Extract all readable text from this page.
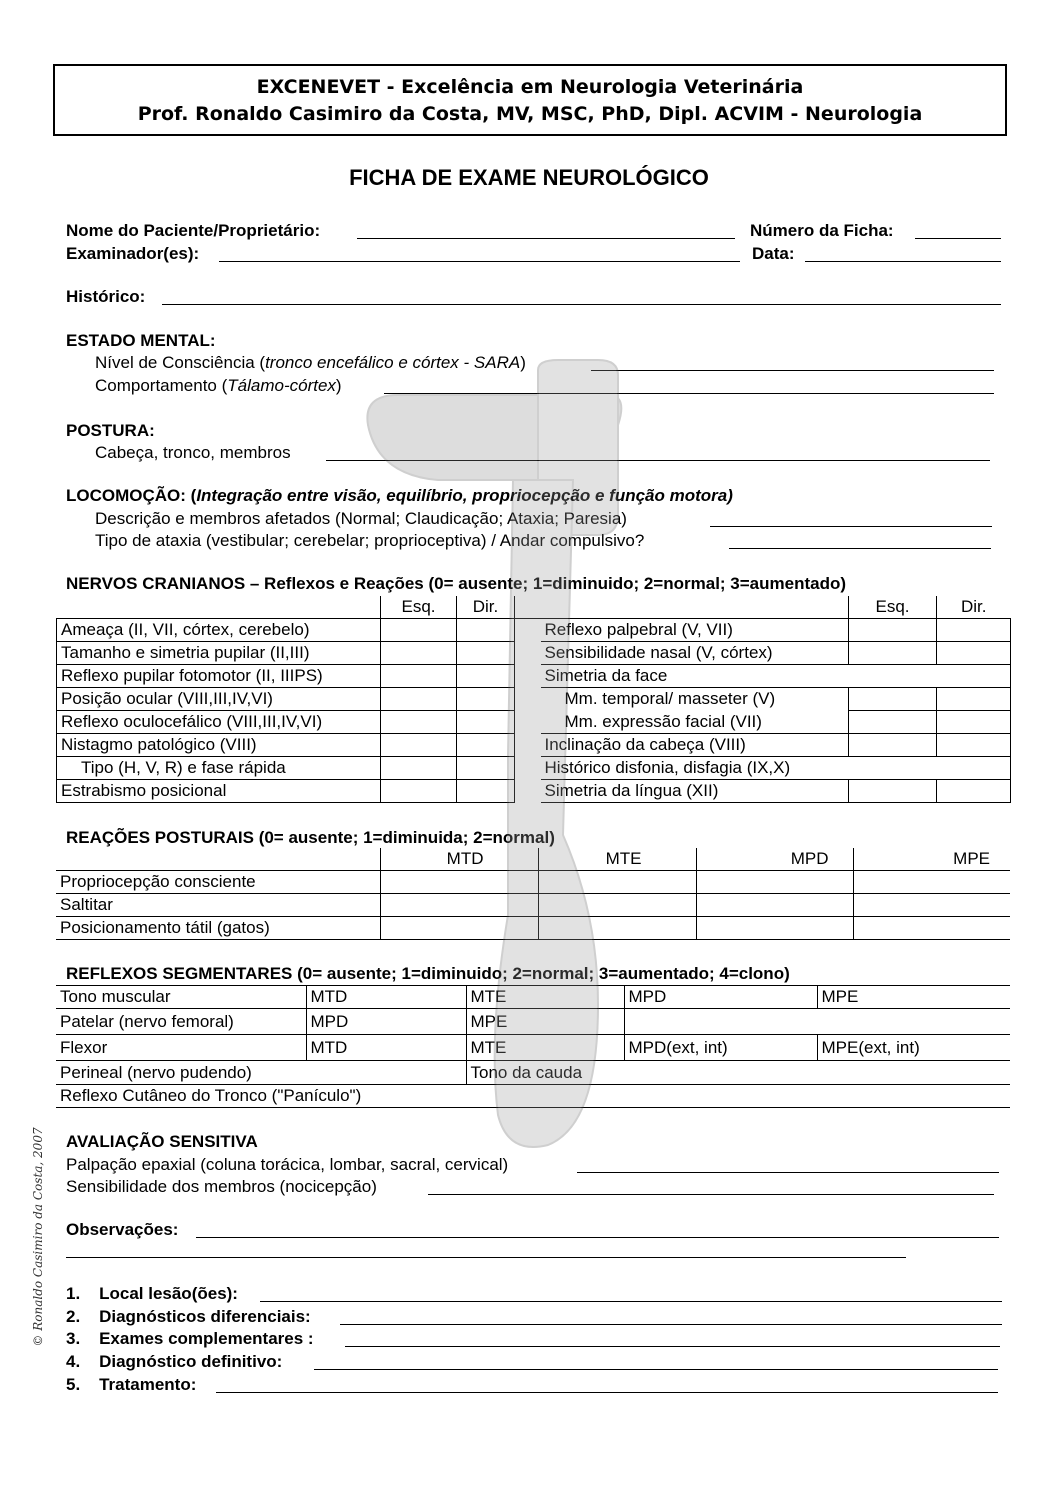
EXCENEVET - Excelência em Neurologia Veterinária
Prof. Ronaldo Casimiro da Costa, MV, MSC, PhD, Dipl. ACVIM - Neurologia
FICHA DE EXAME NEUROLÓGICO
Nome do Paciente/Proprietário:	Número da Ficha:
Examinador(es):	Data:
Histórico:
ESTADO MENTAL:
Nível de Consciência (tronco encefálico e córtex - SARA)
Comportamento (Tálamo-córtex)
POSTURA:
Cabeça, tronco, membros
LOCOMOÇÃO: (Integração entre visão, equilíbrio, propriocepção e função motora)
Descrição e membros afetados (Normal; Claudicação; Ataxia; Paresia)
Tipo de ataxia (vestibular; cerebelar; proprioceptiva) / Andar compulsivo?
NERVOS CRANIANOS – Reflexos e Reações (0= ausente; 1=diminuido; 2=normal; 3=aumentado)
	Esq.	Dir.			Esq.	Dir.
Ameaça (II, VII, córtex, cerebelo)				Reflexo palpebral (V, VII)		
Tamanho e simetria pupilar (II,III)				Sensibilidade nasal (V, córtex)		
Reflexo pupilar fotomotor (II, IIIPS)				Simetria da face		
Posição ocular (VIII,III,IV,VI)				Mm. temporal/ masseter (V)		
Reflexo oculocefálico (VIII,III,IV,VI)				Mm. expressão facial (VII)		
Nistagmo patológico (VIII)				Inclinação da cabeça (VIII)		
Tipo (H, V, R) e fase rápida				Histórico disfonia, disfagia (IX,X)		
Estrabismo posicional				Simetria da língua (XII)		
REAÇÕES POSTURAIS (0= ausente; 1=diminuida; 2=normal)
	MTD	MTE	MPD	MPE
Propriocepção consciente				
Saltitar				
Posicionamento tátil (gatos)				
REFLEXOS SEGMENTARES (0= ausente; 1=diminuido; 2=normal; 3=aumentado; 4=clono)
Tono muscular	MTD	MTE	MPD	MPE
Patelar (nervo femoral)	MPD	MPE		
Flexor	MTD	MTE	MPD(ext, int)	MPE(ext, int)
Perineal (nervo pudendo)		Tono da cauda		
Reflexo Cutâneo do Tronco ("Panículo")				
AVALIAÇÃO SENSITIVA
Palpação epaxial (coluna torácica, lombar, sacral, cervical)
Sensibilidade dos membros (nocicepção)
Observações:
1. Local lesão(ões):
2. Diagnósticos diferenciais:
3. Exames complementares :
4. Diagnóstico definitivo:
5. Tratamento:
© Ronaldo Casimiro da Costa, 2007
